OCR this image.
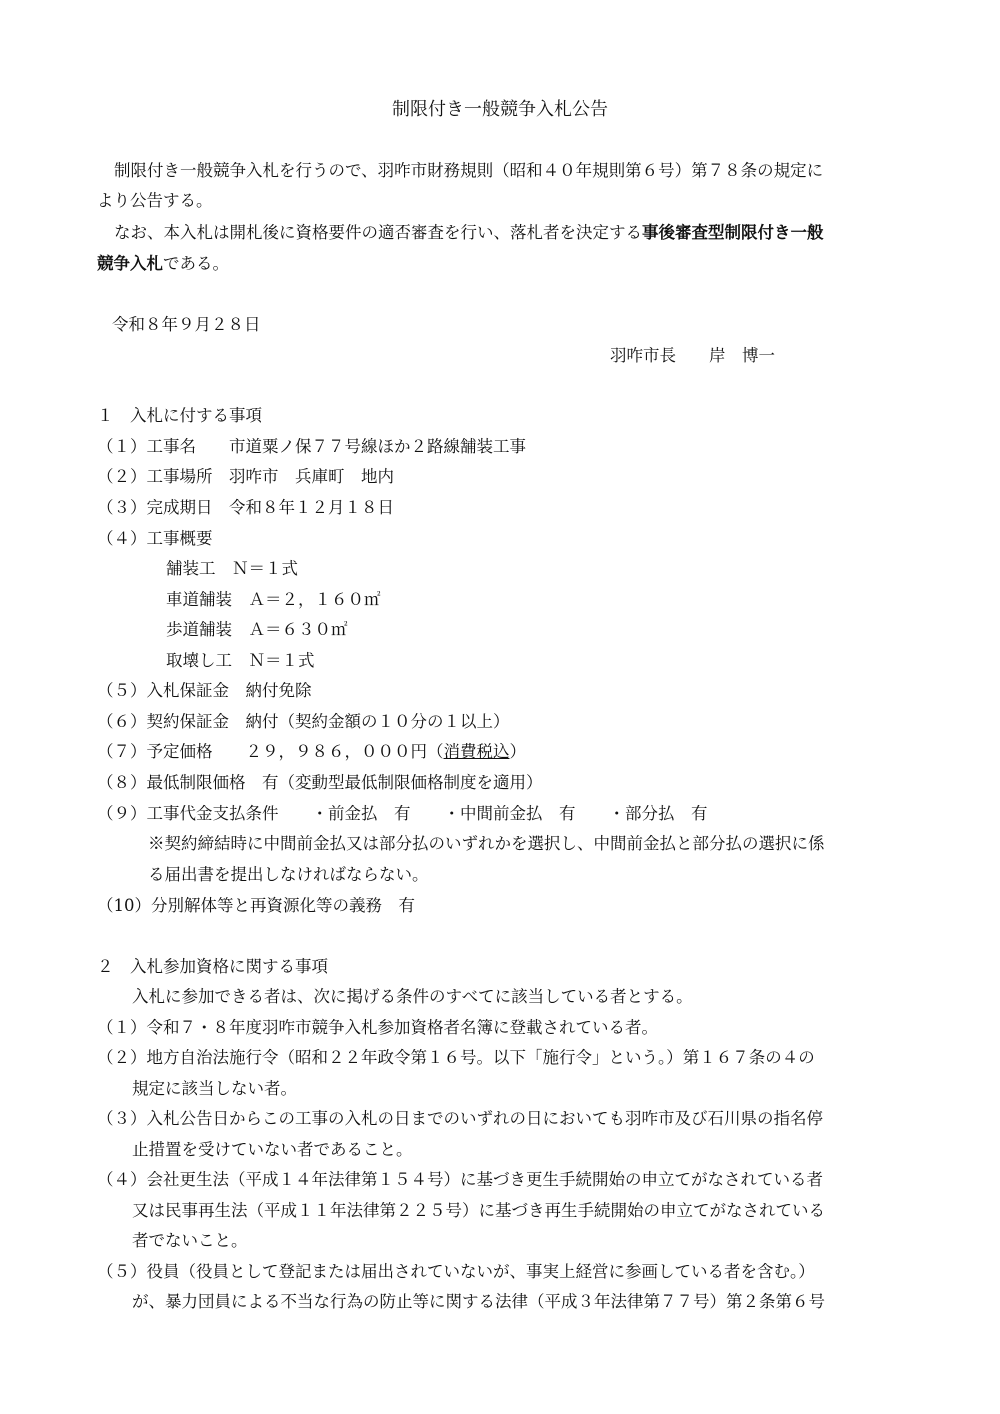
制限付き一般競争入札公告
制限付き一般競争入札を行うので、羽咋市財務規則（昭和４０年規則第６号）第７８条の規定に
より公告する。
なお、本入札は開札後に資格要件の適否審査を行い、落札者を決定する事後審査型制限付き一般
競争入札である。
令和８年９月２８日
羽咋市長　　岸　博一
１　入札に付する事項
（１）工事名　　市道粟ノ保７７号線ほか２路線舗装工事
（２）工事場所　羽咋市　兵庫町　地内
（３）完成期日　令和８年１２月１８日
（４）工事概要
舗装工　Ｎ＝１式
車道舗装　Ａ＝２，１６０㎡
歩道舗装　Ａ＝６３０㎡
取壊し工　Ｎ＝１式
（５）入札保証金　納付免除
（６）契約保証金　納付（契約金額の１０分の１以上）
（７）予定価格　　２９，９８６，０００円（消費税込）
（８）最低制限価格　有（変動型最低制限価格制度を適用）
（９）工事代金支払条件　　・前金払　有　　・中間前金払　有　　・部分払　有
※契約締結時に中間前金払又は部分払のいずれかを選択し、中間前金払と部分払の選択に係
る届出書を提出しなければならない。
（10）分別解体等と再資源化等の義務　有
２　入札参加資格に関する事項
入札に参加できる者は、次に掲げる条件のすべてに該当している者とする。
（１）令和７・８年度羽咋市競争入札参加資格者名簿に登載されている者。
（２）地方自治法施行令（昭和２２年政令第１６号。以下「施行令」という。）第１６７条の４の
規定に該当しない者。
（３）入札公告日からこの工事の入札の日までのいずれの日においても羽咋市及び石川県の指名停
止措置を受けていない者であること。
（４）会社更生法（平成１４年法律第１５４号）に基づき更生手続開始の申立てがなされている者
又は民事再生法（平成１１年法律第２２５号）に基づき再生手続開始の申立てがなされている
者でないこと。
（５）役員（役員として登記または届出されていないが、事実上経営に参画している者を含む。）
が、暴力団員による不当な行為の防止等に関する法律（平成３年法律第７７号）第２条第６号
